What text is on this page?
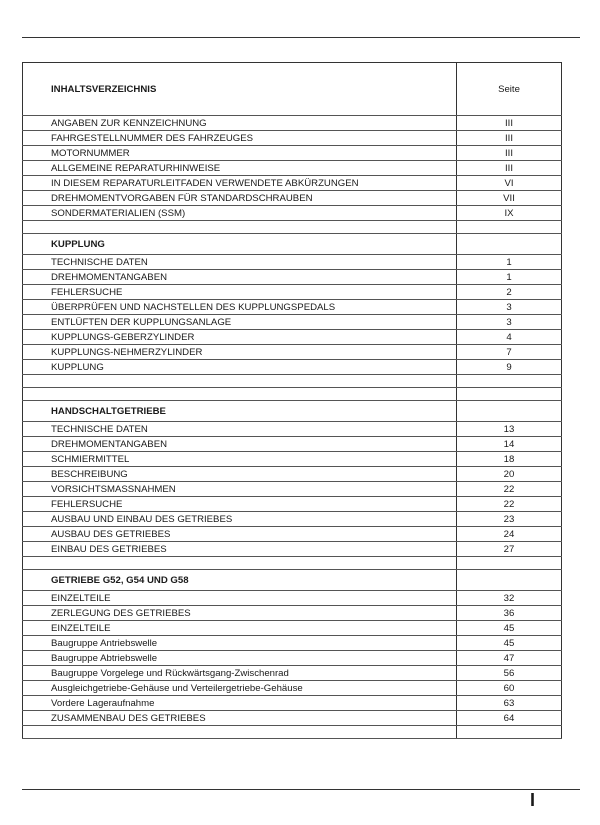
INHALTSVERZEICHNIS	Seite
ANGABEN ZUR KENNZEICHNUNG	III
FAHRGESTELLNUMMER DES FAHRZEUGES	III
MOTORNUMMER	III
ALLGEMEINE REPARATURHINWEISE	III
IN DIESEM REPARATURLEITFADEN VERWENDETE ABKÜRZUNGEN	VI
DREHMOMENTVORGABEN FÜR STANDARDSCHRAUBEN	VII
SONDERMATERIALIEN (SSM)	IX

KUPPLUNG	
TECHNISCHE DATEN	1
DREHMOMENTANGABEN	1
FEHLERSUCHE	2
ÜBERPRÜFEN UND NACHSTELLEN DES KUPPLUNGSPEDALS	3
ENTLÜFTEN DER KUPPLUNGSANLAGE	3
KUPPLUNGS-GEBERZYLINDER	4
KUPPLUNGS-NEHMERZYLINDER	7
KUPPLUNG	9

HANDSCHALTGETRIEBE	
TECHNISCHE DATEN	13
DREHMOMENTANGABEN	14
SCHMIERMITTEL	18
BESCHREIBUNG	20
VORSICHTSMASSNAHMEN	22
FEHLERSUCHE	22
AUSBAU UND EINBAU DES GETRIEBES	23
AUSBAU DES GETRIEBES	24
EINBAU DES GETRIEBES	27

GETRIEBE G52, G54 UND G58	
EINZELTEILE	32
ZERLEGUNG DES GETRIEBES	36
EINZELTEILE	45
Baugruppe Antriebswelle	45
Baugruppe Abtriebswelle	47
Baugruppe Vorgelege und Rückwärtsgang-Zwischenrad	56
Ausgleichgetriebe-Gehäuse und Verteilergetriebe-Gehäuse	60
Vordere Lageraufnahme	63
ZUSAMMENBAU DES GETRIEBES	64

I
